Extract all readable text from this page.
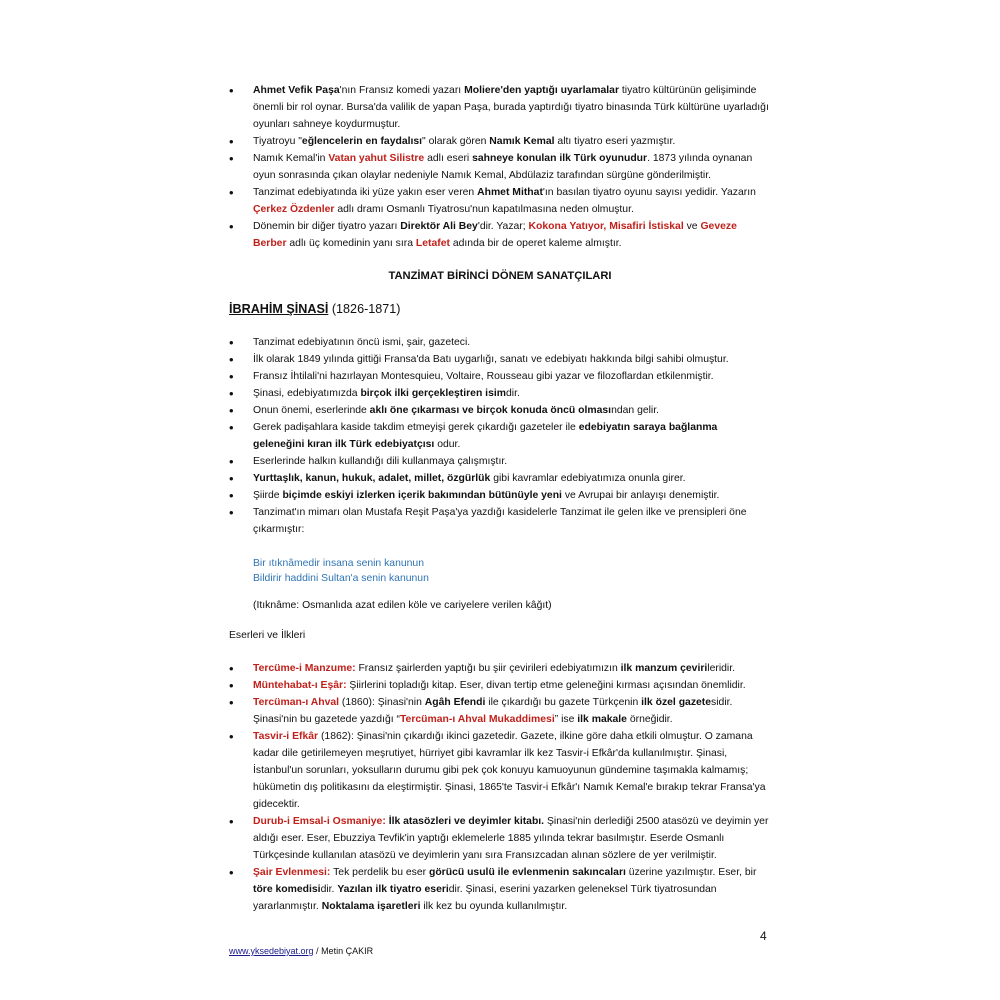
• Ahmet Vefik Paşa'nın Fransız komedi yazarı Moliere'den yaptığı uyarlamalar tiyatro kültürünün gelişiminde önemli bir rol oynar. Bursa'da valilik de yapan Paşa, burada yaptırdığı tiyatro binasında Türk kültürüne uyarladığı oyunları sahneye koydurmuştur.
• Tiyatroyu "eğlencelerin en faydalısı" olarak gören Namık Kemal altı tiyatro eseri yazmıştır.
• Namık Kemal'in Vatan yahut Silistre adlı eseri sahneye konulan ilk Türk oyunudur. 1873 yılında oynanan oyun sonrasında çıkan olaylar nedeniyle Namık Kemal, Abdülaziz tarafından sürgüne gönderilmiştir.
• Tanzimat edebiyatında iki yüze yakın eser veren Ahmet Mithat'ın basılan tiyatro oyunu sayısı yedidir. Yazarın Çerkez Özdenler adlı dramı Osmanlı Tiyatrosu'nun kapatılmasına neden olmuştur.
• Dönemin bir diğer tiyatro yazarı Direktör Ali Bey'dir. Yazar; Kokona Yatıyor, Misafiri İstiskal ve Geveze Berber adlı üç komedinin yanı sıra Letafet adında bir de operet kaleme almıştır.
TANZİMAT BİRİNCİ DÖNEM SANATÇILARI
İBRAHİM ŞİNASİ (1826-1871)
• Tanzimat edebiyatının öncü ismi, şair, gazeteci.
• İlk olarak 1849 yılında gittiği Fransa'da Batı uygarlığı, sanatı ve edebiyatı hakkında bilgi sahibi olmuştur.
• Fransız İhtilali'ni hazırlayan Montesquieu, Voltaire, Rousseau gibi yazar ve filozoflardan etkilenmiştir.
• Şinasi, edebiyatımızda birçok ilki gerçekleştiren isimdir.
• Onun önemi, eserlerinde aklı öne çıkarması ve birçok konuda öncü olmasından gelir.
• Gerek padişahlara kaside takdim etmeyişi gerek çıkardığı gazeteler ile edebiyatın saraya bağlanma geleneğini kıran ilk Türk edebiyatçısı odur.
• Eserlerinde halkın kullandığı dili kullanmaya çalışmıştır.
• Yurttaşlık, kanun, hukuk, adalet, millet, özgürlük gibi kavramlar edebiyatımıza onunla girer.
• Şiirde biçimde eskiyi izlerken içerik bakımından bütünüyle yeni ve Avrupai bir anlayışı denemiştir.
• Tanzimat'ın mimarı olan Mustafa Reşit Paşa'ya yazdığı kasidelerle Tanzimat ile gelen ilke ve prensipleri öne çıkarmıştır:
Bir ıtıknâmedir insana senin kanunun
Bildirir haddini Sultan'a senin kanunun
(Itıknâme: Osmanlıda azat edilen köle ve cariyelere verilen kâğıt)
Eserleri ve İlkleri
• Tercüme-i Manzume: Fransız şairlerden yaptığı bu şiir çevirileri edebiyatımızın ilk manzum çevirileridir.
• Müntehabat-ı Eşâr: Şiirlerini topladığı kitap. Eser, divan tertip etme geleneğini kırması açısından önemlidir.
• Tercüman-ı Ahval (1860): Şinasi'nin Agâh Efendi ile çıkardığı bu gazete Türkçenin ilk özel gazetesidir. Şinasi'nin bu gazetede yazdığı “Tercüman-ı Ahval Mukaddimesi” ise ilk makale örneğidir.
• Tasvir-i Efkâr (1862): Şinasi'nin çıkardığı ikinci gazetedir. Gazete, ilkine göre daha etkili olmuştur. O zamana kadar dile getirilemeyen meşrutiyet, hürriyet gibi kavramlar ilk kez Tasvir-i Efkâr'da kullanılmıştır. Şinasi, İstanbul'un sorunları, yoksulların durumu gibi pek çok konuyu kamuoyunun gündemine taşımakla kalmamış; hükümetin dış politikasını da eleştirmiştir. Şinasi, 1865'te Tasvir-i Efkâr'ı Namık Kemal'e bırakıp tekrar Fransa'ya gidecektir.
• Durub-i Emsal-i Osmaniye: İlk atasözleri ve deyimler kitabı. Şinasi'nin derlediği 2500 atasözü ve deyimin yer aldığı eser. Eser, Ebuzziya Tevfik'in yaptığı eklemelerle 1885 yılında tekrar basılmıştır. Eserde Osmanlı Türkçesinde kullanılan atasözü ve deyimlerin yanı sıra Fransızcadan alınan sözlere de yer verilmiştir.
• Şair Evlenmesi: Tek perdelik bu eser görücü usulü ile evlenmenin sakıncaları üzerine yazılmıştır. Eser, bir töre komedisidir. Yazılan ilk tiyatro eseridir. Şinasi, eserini yazarken geleneksel Türk tiyatrosundan yararlanmıştır. Noktalama işaretleri ilk kez bu oyunda kullanılmıştır.
4
www.yksedebiyat.org / Metin ÇAKIR
